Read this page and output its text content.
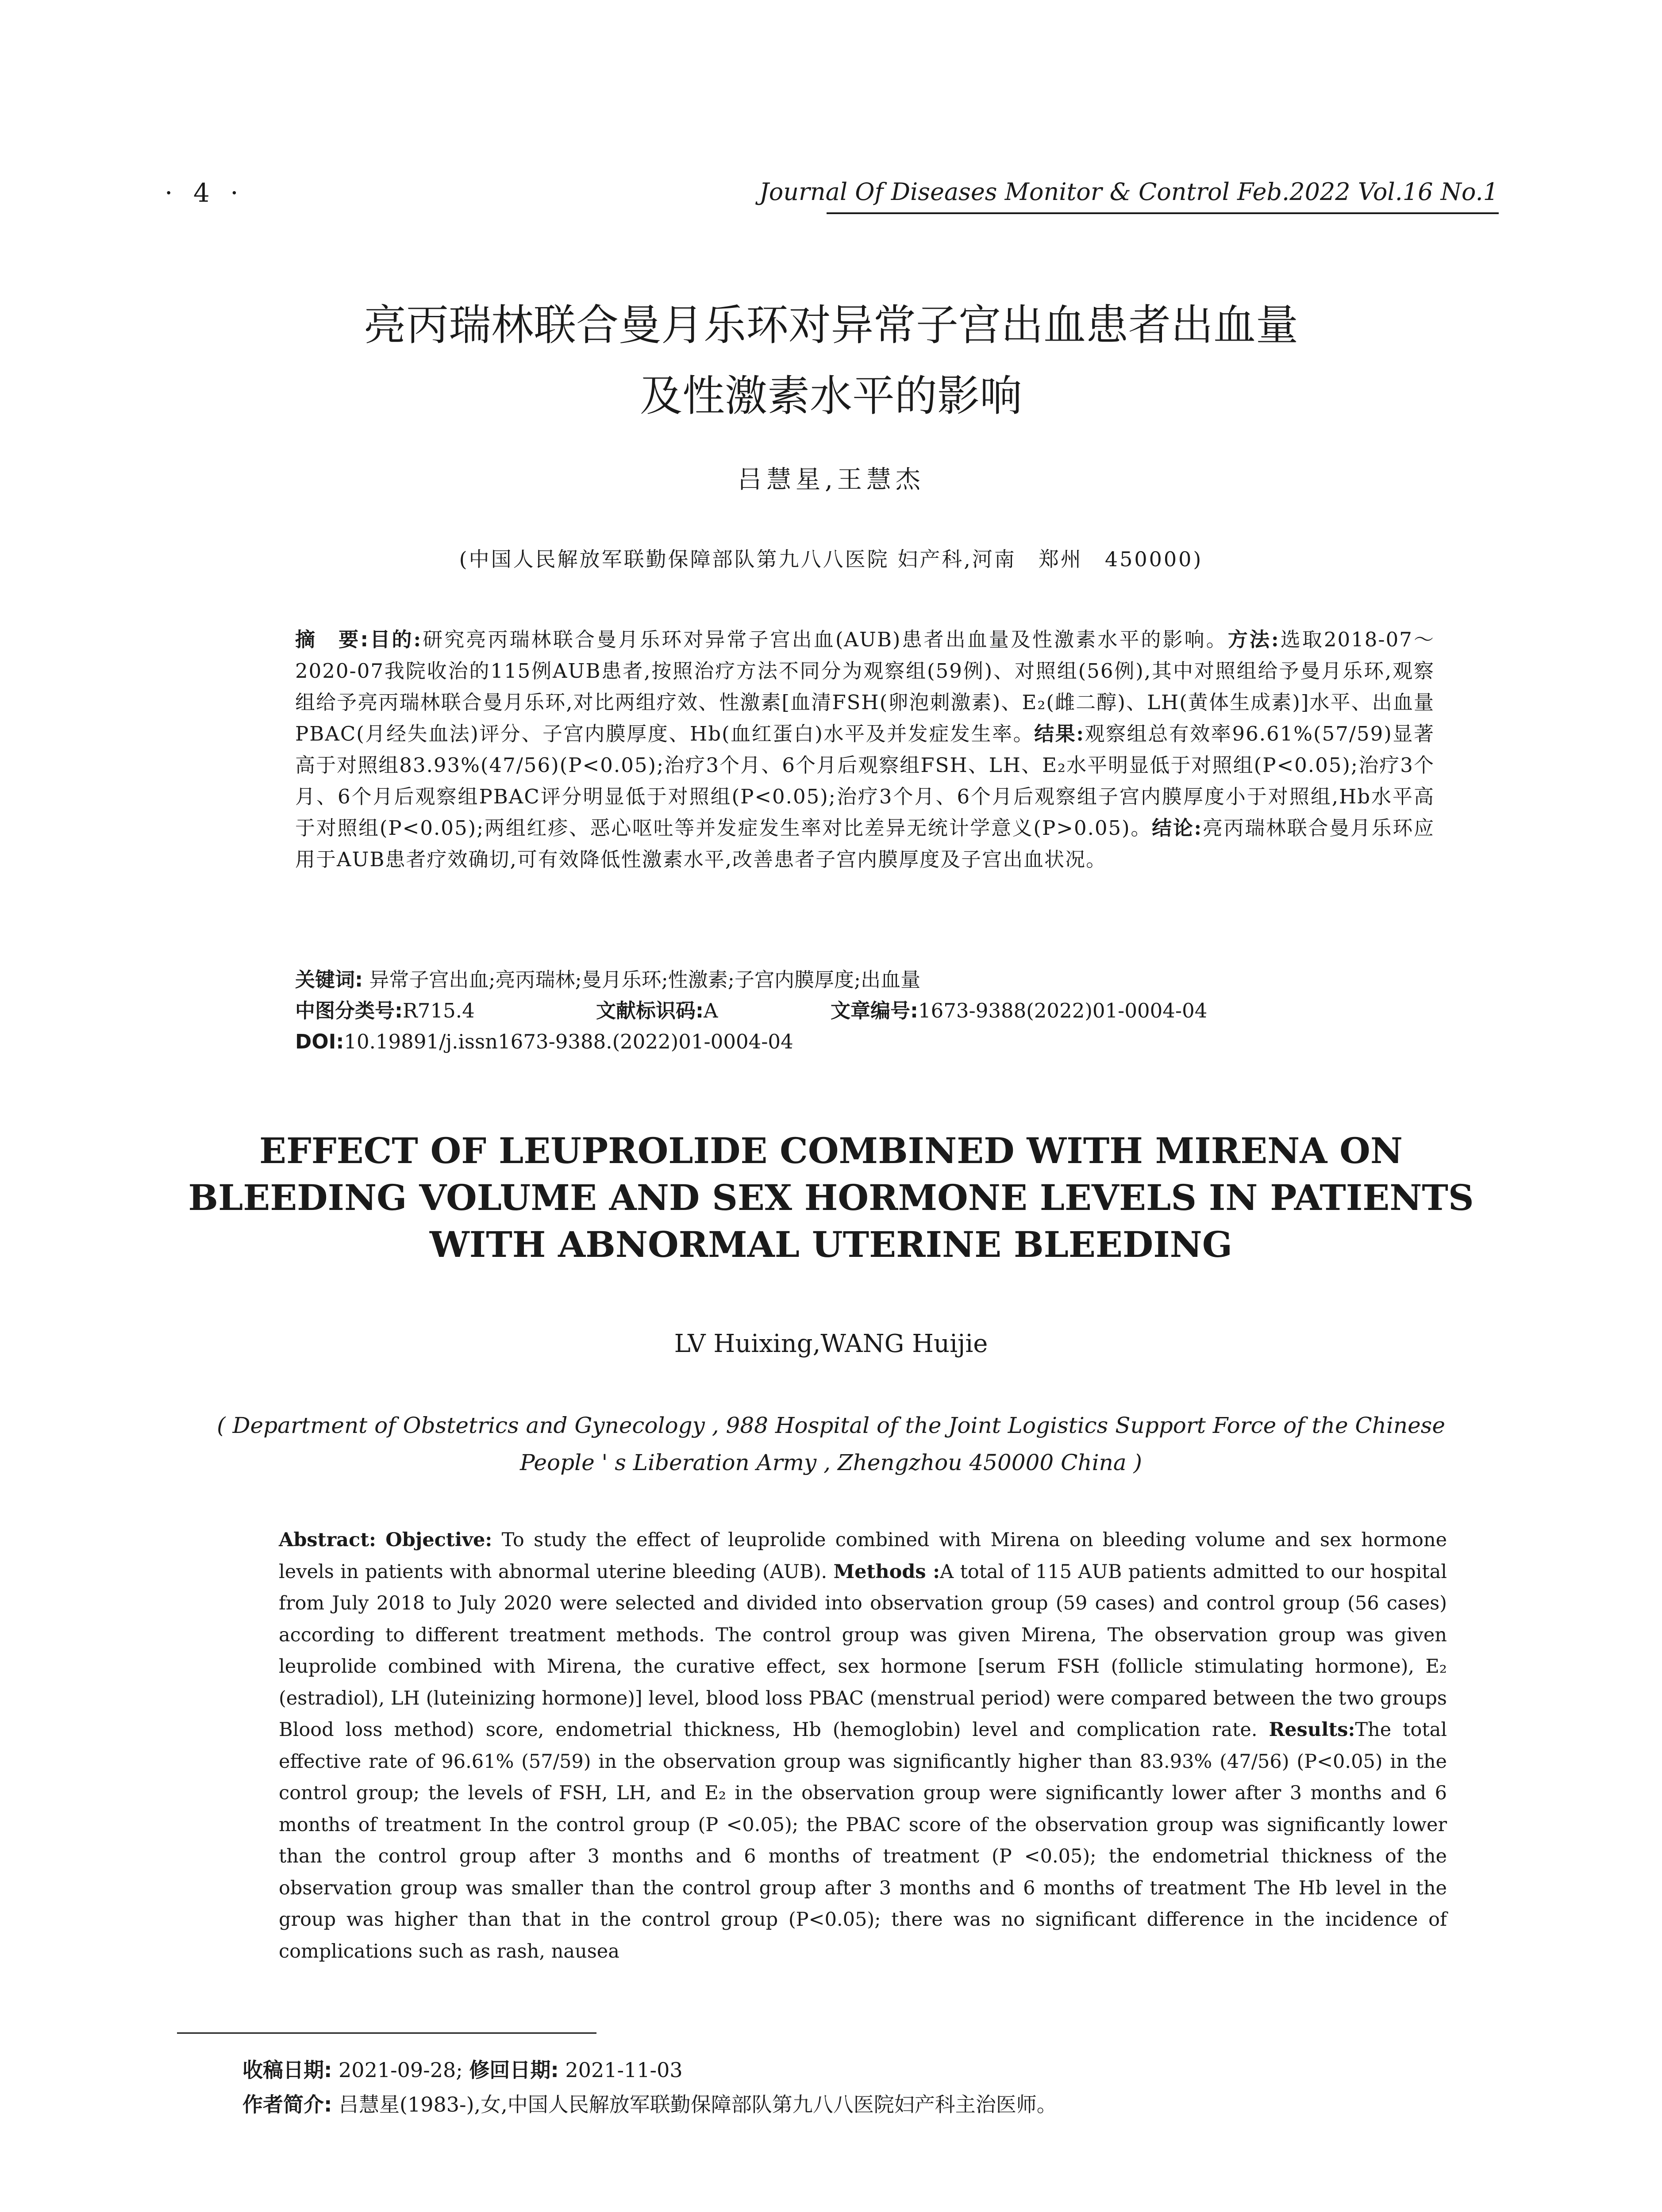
· 4 ·	Journal Of Diseases Monitor & Control Feb.2022 Vol.16 No.1
亮丙瑞林联合曼月乐环对异常子宫出血患者出血量
及性激素水平的影响
吕慧星,王慧杰
(中国人民解放军联勤保障部队第九八八医院 妇产科,河南　郑州　450000)
摘　要:目的:研究亮丙瑞林联合曼月乐环对异常子宫出血(AUB)患者出血量及性激素水平的影响。方法:选取2018-07～2020-07我院收治的115例AUB患者,按照治疗方法不同分为观察组(59例)、对照组(56例),其中对照组给予曼月乐环,观察组给予亮丙瑞林联合曼月乐环,对比两组疗效、性激素[血清FSH(卵泡刺激素)、E₂(雌二醇)、LH(黄体生成素)]水平、出血量PBAC(月经失血法)评分、子宫内膜厚度、Hb(血红蛋白)水平及并发症发生率。结果:观察组总有效率96.61%(57/59)显著高于对照组83.93%(47/56)(P<0.05);治疗3个月、6个月后观察组FSH、LH、E₂水平明显低于对照组(P<0.05);治疗3个月、6个月后观察组PBAC评分明显低于对照组(P<0.05);治疗3个月、6个月后观察组子宫内膜厚度小于对照组,Hb水平高于对照组(P<0.05);两组红疹、恶心呕吐等并发症发生率对比差异无统计学意义(P>0.05)。结论:亮丙瑞林联合曼月乐环应用于AUB患者疗效确切,可有效降低性激素水平,改善患者子宫内膜厚度及子宫出血状况。
关键词: 异常子宫出血;亮丙瑞林;曼月乐环;性激素;子宫内膜厚度;出血量
中图分类号:R715.4	文献标识码:A	文章编号:1673-9388(2022)01-0004-04
DOI:10.19891/j.issn1673-9388.(2022)01-0004-04
EFFECT OF LEUPROLIDE COMBINED WITH MIRENA ON
BLEEDING VOLUME AND SEX HORMONE LEVELS IN PATIENTS
WITH ABNORMAL UTERINE BLEEDING
LV Huixing,WANG Huijie
( Department of Obstetrics and Gynecology , 988 Hospital of the Joint Logistics Support Force of the Chinese People ' s Liberation Army , Zhengzhou 450000 China )
Abstract: Objective: To study the effect of leuprolide combined with Mirena on bleeding volume and sex hormone levels in patients with abnormal uterine bleeding (AUB). Methods :A total of 115 AUB patients admitted to our hospital from July 2018 to July 2020 were selected and divided into observation group (59 cases) and control group (56 cases) according to different treatment methods. The control group was given Mirena, The observation group was given leuprolide combined with Mirena, the curative effect, sex hormone [serum FSH (follicle stimulating hormone), E₂ (estradiol), LH (luteinizing hormone)] level, blood loss PBAC (menstrual period) were compared between the two groups Blood loss method) score, endometrial thickness, Hb (hemoglobin) level and complication rate. Results:The total effective rate of 96.61% (57/59) in the observation group was significantly higher than 83.93% (47/56) (P<0.05) in the control group; the levels of FSH, LH, and E₂ in the observation group were significantly lower after 3 months and 6 months of treatment In the control group (P <0.05); the PBAC score of the observation group was significantly lower than the control group after 3 months and 6 months of treatment (P <0.05); the endometrial thickness of the observation group was smaller than the control group after 3 months and 6 months of treatment The Hb level in the group was higher than that in the control group (P<0.05); there was no significant difference in the incidence of complications such as rash, nausea
收稿日期: 2021-09-28; 修回日期: 2021-11-03
作者简介: 吕慧星(1983-),女,中国人民解放军联勤保障部队第九八八医院妇产科主治医师。
